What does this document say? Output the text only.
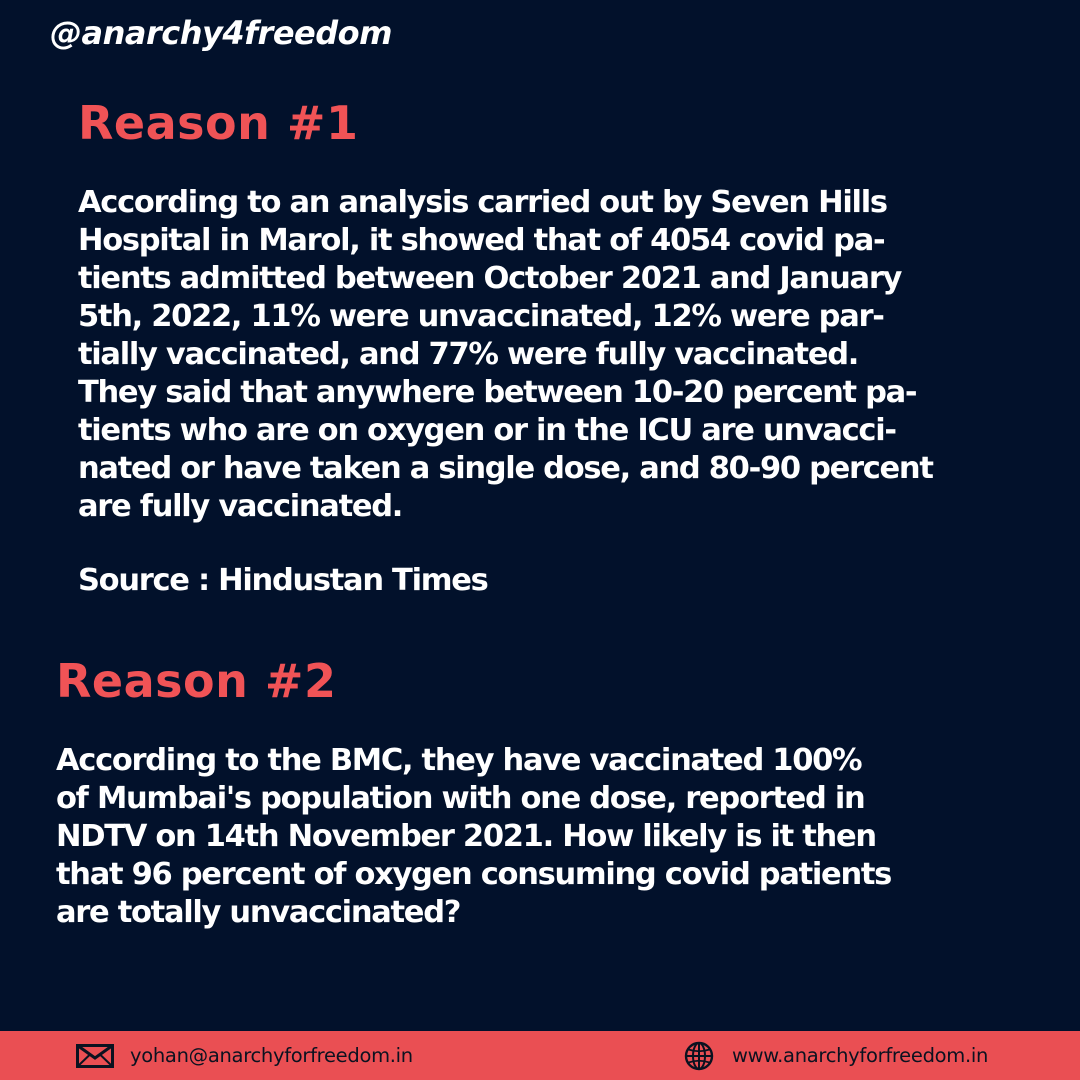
@anarchy4freedom
Reason #1
According to an analysis carried out by Seven Hills
Hospital in Marol, it showed that of 4054 covid pa-
tients admitted between October 2021 and January
5th, 2022, 11% were unvaccinated, 12% were par-
tially vaccinated, and 77% were fully vaccinated.
They said that anywhere between 10-20 percent pa-
tients who are on oxygen or in the ICU are unvacci-
nated or have taken a single dose, and 80-90 percent
are fully vaccinated.
Source : Hindustan Times
Reason #2
According to the BMC, they have vaccinated 100%
of Mumbai's population with one dose, reported in
NDTV on 14th November 2021. How likely is it then
that 96 percent of oxygen consuming covid patients
are totally unvaccinated?
yohan@anarchyforfreedom.in	www.anarchyforfreedom.in
